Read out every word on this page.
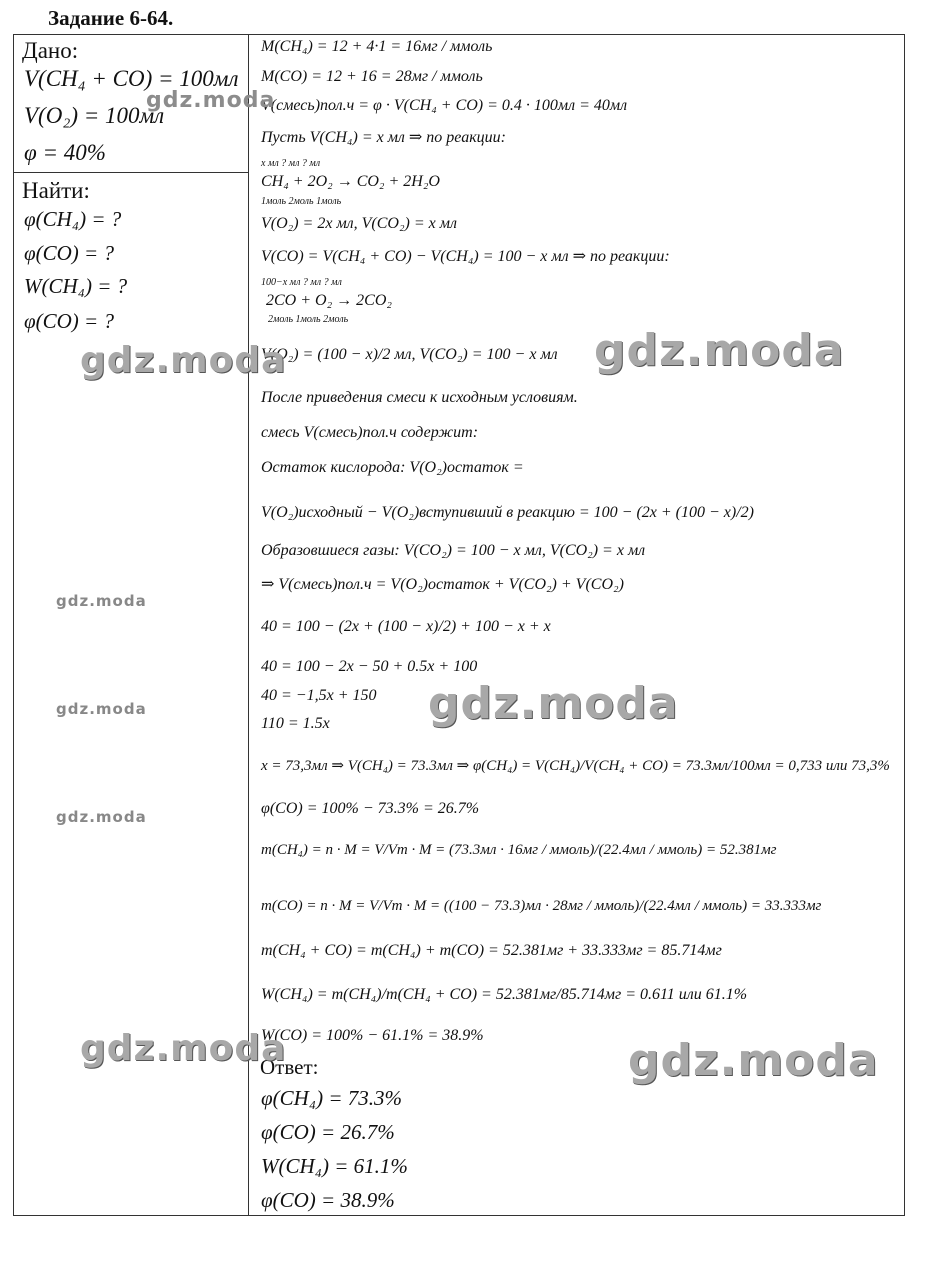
Задание 6-64.
Дано:
V(CH₄ + CO) = 100мл
V(O₂) = 100мл
φ = 40%
Найти:
φ(CH₄) = ?
φ(CO) = ?
W(CH₄) = ?
φ(CO) = ?
M(CH₄) = 12 + 4·1 = 16мг / ммоль
M(CO) = 12 + 16 = 28мг / ммоль
V(смесь)пол.ч = φ · V(CH₄ + CO) = 0.4 · 100мл = 40мл
Пусть V(CH₄) = x мл ⇒ по реакции:
x мл ? мл ? мл
CH₄ + 2O₂ → CO₂ + 2H₂O
1моль 2моль 1моль
V(O₂) = 2x мл, V(CO₂) = x мл
V(CO) = V(CH₄ + CO) − V(CH₄) = 100 − x мл ⇒ по реакции:
100−x мл ? мл ? мл
2CO + O₂ → 2CO₂
2моль 1моль 2моль
V(O₂) = (100 − x)/2 мл, V(CO₂) = 100 − x мл
После приведения смеси к исходным условиям.
смесь V(смесь)пол.ч содержит:
Остаток кислорода: V(O₂)остаток =
V(O₂)исходный − V(O₂)вступивший в реакцию = 100 − (2x + (100 − x)/2)
Образовшиеся газы: V(CO₂) = 100 − x мл, V(CO₂) = x мл
⇒ V(смесь)пол.ч = V(O₂)остаток + V(CO₂) + V(CO₂)
40 = 100 − (2x + (100 − x)/2) + 100 − x + x
40 = 100 − 2x − 50 + 0.5x + 100
40 = −1,5x + 150
110 = 1.5x
x = 73,3мл ⇒ V(CH₄) = 73.3мл ⇒ φ(CH₄) = V(CH₄)/V(CH₄ + CO) = 73.3мл/100мл = 0,733 или 73,3%
φ(CO) = 100% − 73.3% = 26.7%
m(CH₄) = n · M = V/Vm · M = (73.3мл · 16мг / ммоль)/(22.4мл / ммоль) = 52.381мг
m(CO) = n · M = V/Vm · M = ((100 − 73.3)мл · 28мг / ммоль)/(22.4мл / ммоль) = 33.333мг
m(CH₄ + CO) = m(CH₄) + m(CO) = 52.381мг + 33.333мг = 85.714мг
W(CH₄) = m(CH₄)/m(CH₄ + CO) = 52.381мг/85.714мг = 0.611 или 61.1%
W(CO) = 100% − 61.1% = 38.9%
Ответ:
φ(CH₄) = 73.3%
φ(CO) = 26.7%
W(CH₄) = 61.1%
φ(CO) = 38.9%
gdz.moda
gdz.moda	gdz.moda
gdz.moda
gdz.moda
gdz.moda
gdz.moda
gdz.moda	gdz.moda
